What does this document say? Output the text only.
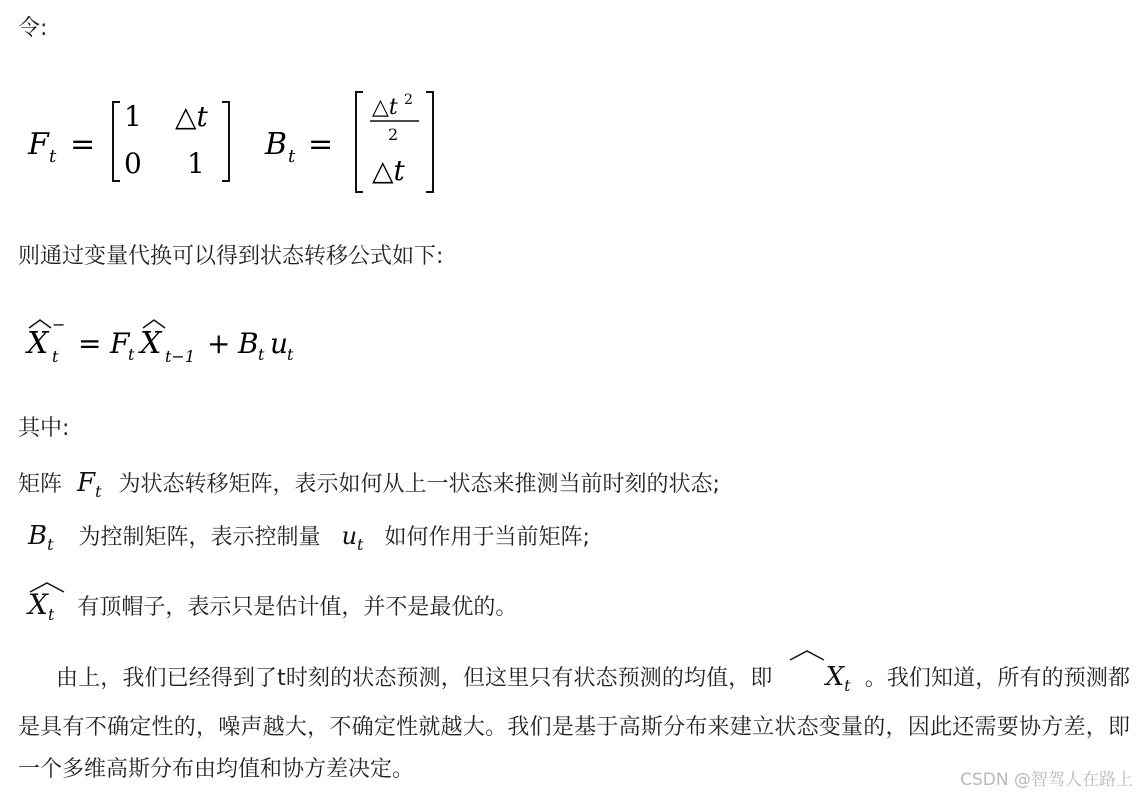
令:
F t =
1 △t
0 1
B t =
△t 2
2
△t
则通过变量代换可以得到状态转移公式如下:
X t
−
= F
t X t−1 + B t u
t
其中:
矩阵 $F_t$ 为状态转移矩阵，表示如何从上一状态来推测当前时刻的状态;
$B_t$ 为控制矩阵，表示控制量 $u_t$ 如何作用于当前矩阵;
$X_t$ 有顶帽子，表示只是估计值，并不是最优的。
由上，我们已经得到了t时刻的状态预测，但这里只有状态预测的均值，即 $X_t$ 。我们知道，所有的预测都是具有不确定性的，噪声越大，不确定性就越大。我们是基于高斯分布来建立状态变量的，因此还需要协方差，即一个多维高斯分布由均值和协方差决定。	CSDN @智驾人在路上
